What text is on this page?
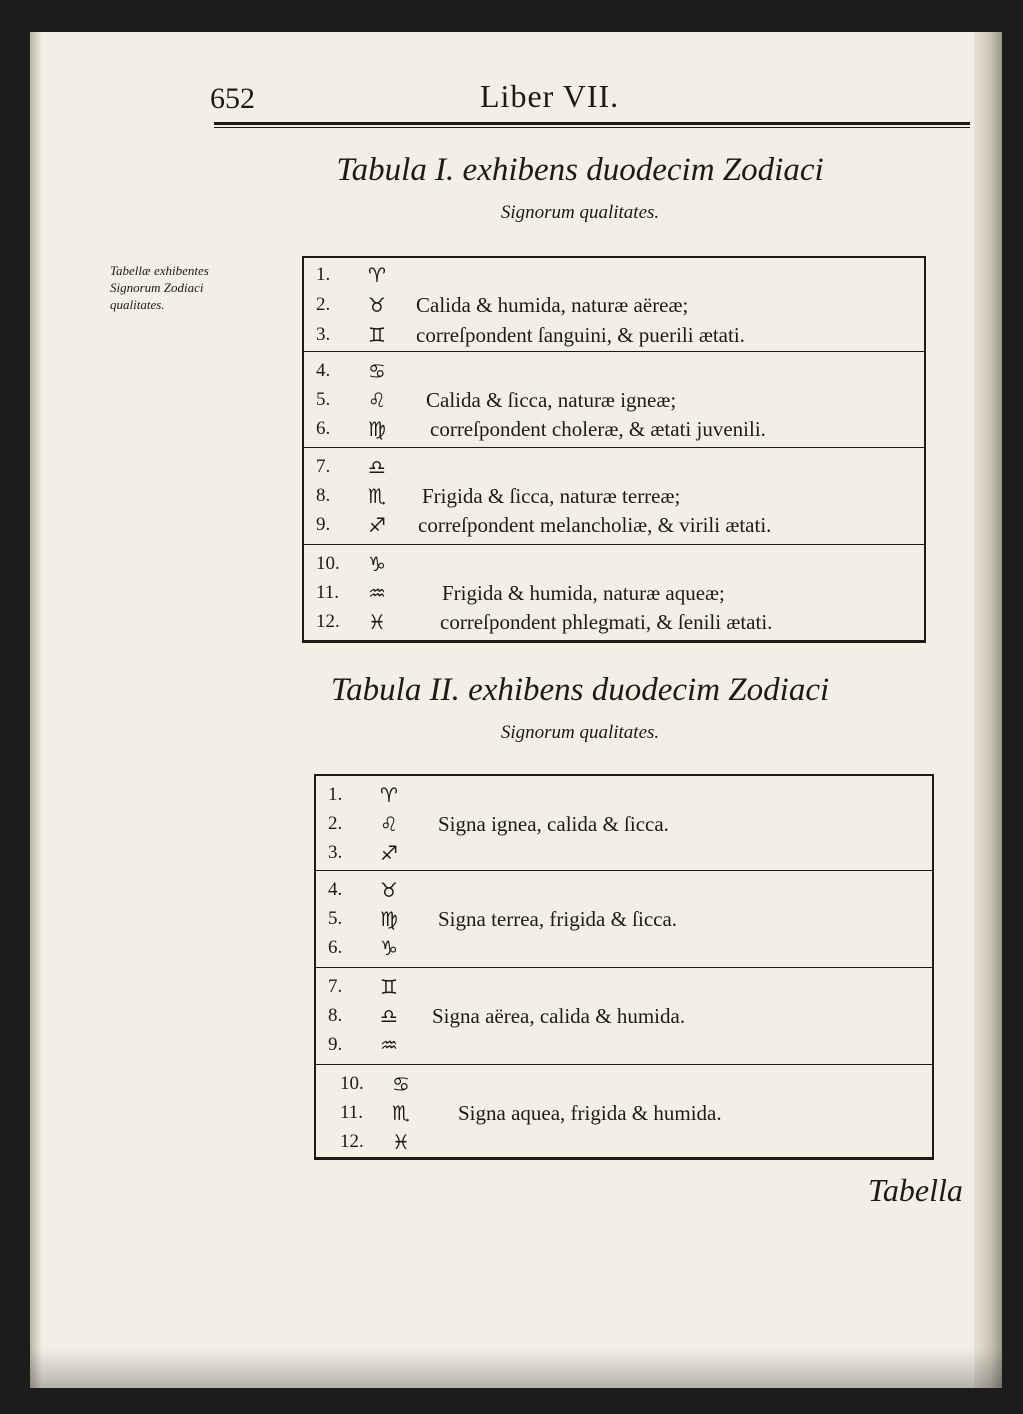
652	Liber VII.
Tabellæ exhibentes Signorum Zodiaci qualitates.
Tabula I. exhibens duodecim Zodiaci
Signorum qualitates.
1.	♈
2.	♉	Calida & humida, naturæ aëreæ;
3.	♊	correſpondent ſanguini, & puerili ætati.
4.	♋
5.	♌	Calida & ſicca, naturæ igneæ;
6.	♍	correſpondent choleræ, & ætati juvenili.
7.	♎
8.	♏	Frigida & ſicca, naturæ terreæ;
9.	♐	correſpondent melancholiæ, & virili ætati.
10.	♑
11.	♒	Frigida & humida, naturæ aqueæ;
12.	♓	correſpondent phlegmati, & ſenili ætati.
Tabula II. exhibens duodecim Zodiaci
Signorum qualitates.
1.	♈
2.	♌	Signa ignea, calida & ſicca.
3.	♐
4.	♉
5.	♍	Signa terrea, frigida & ſicca.
6.	♑
7.	♊
8.	♎	Signa aërea, calida & humida.
9.	♒
10.	♋
11.	♏	Signa aquea, frigida & humida.
12.	♓
Tabella
